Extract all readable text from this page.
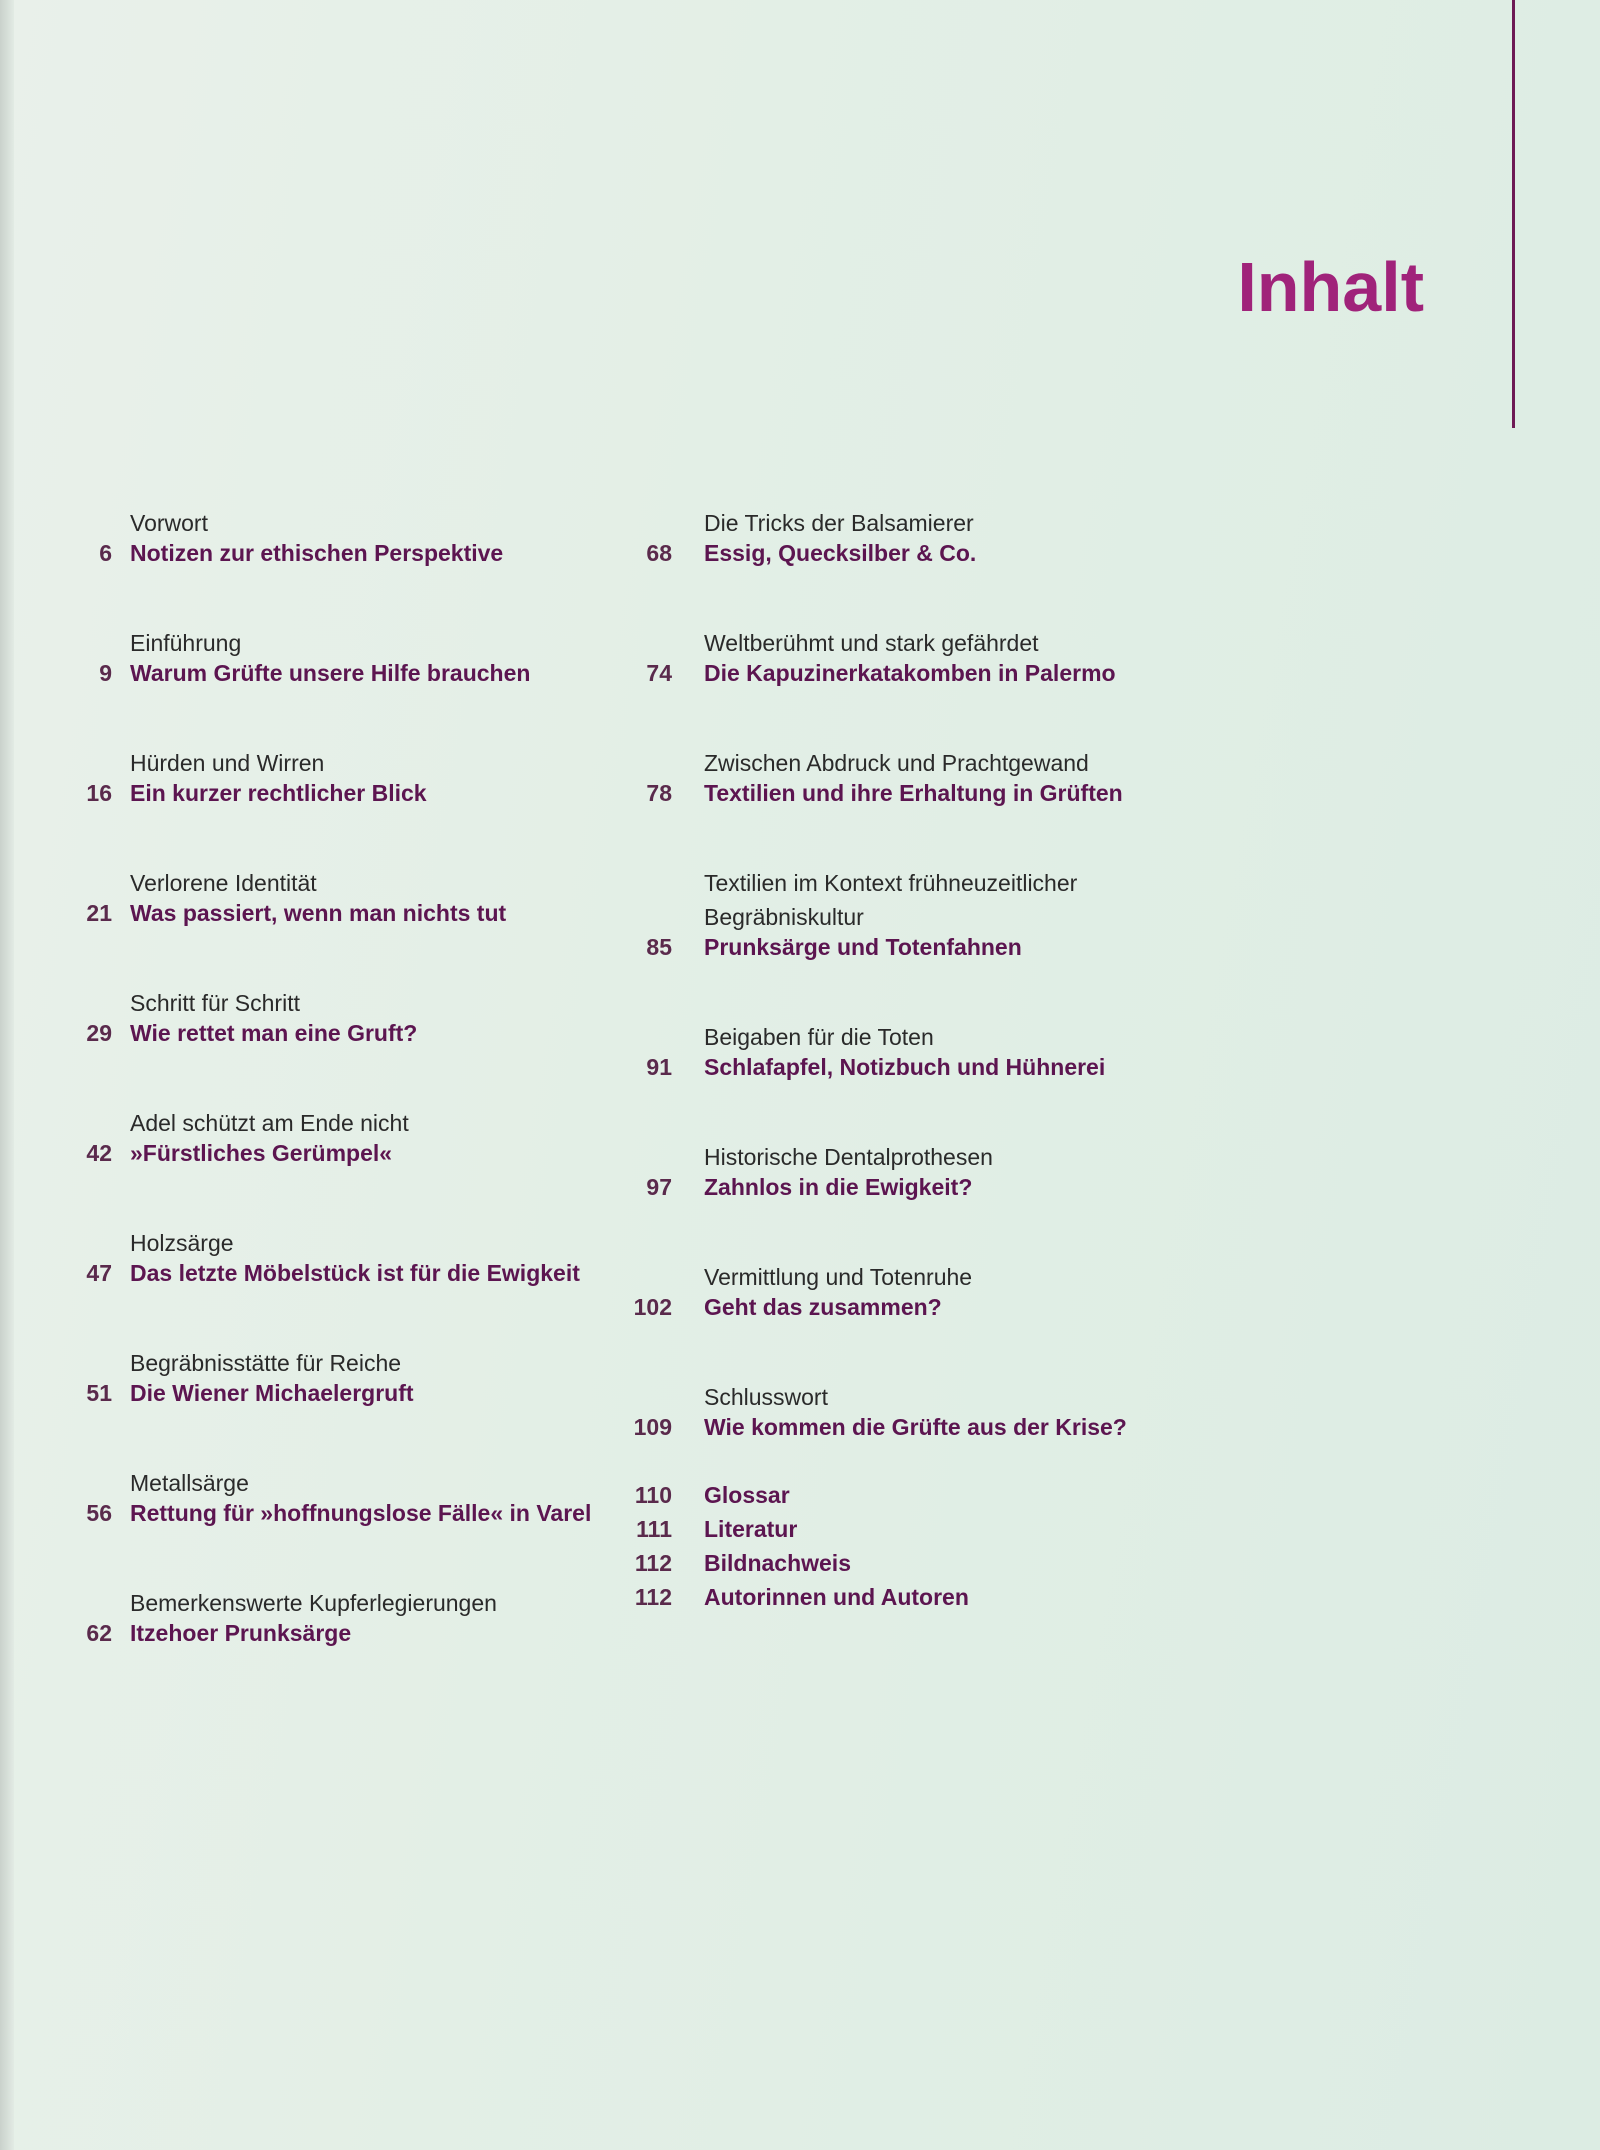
Inhalt
Vorwort
6 Notizen zur ethischen Perspektive
Einführung
9 Warum Grüfte unsere Hilfe brauchen
Hürden und Wirren
16 Ein kurzer rechtlicher Blick
Verlorene Identität
21 Was passiert, wenn man nichts tut
Schritt für Schritt
29 Wie rettet man eine Gruft?
Adel schützt am Ende nicht
42 »Fürstliches Gerümpel«
Holzsärge
47 Das letzte Möbelstück ist für die Ewigkeit
Begräbnisstätte für Reiche
51 Die Wiener Michaelergruft
Metallsärge
56 Rettung für »hoffnungslose Fälle« in Varel
Bemerkenswerte Kupferlegierungen
62 Itzehoer Prunksärge
Die Tricks der Balsamierer
68 Essig, Quecksilber & Co.
Weltberühmt und stark gefährdet
74 Die Kapuzinerkatakomben in Palermo
Zwischen Abdruck und Prachtgewand
78 Textilien und ihre Erhaltung in Grüften
Textilien im Kontext frühneuzeitlicher
Begräbniskultur
85 Prunksärge und Totenfahnen
Beigaben für die Toten
91 Schlafapfel, Notizbuch und Hühnerei
Historische Dentalprothesen
97 Zahnlos in die Ewigkeit?
Vermittlung und Totenruhe
102 Geht das zusammen?
Schlusswort
109 Wie kommen die Grüfte aus der Krise?
110 Glossar
111 Literatur
112 Bildnachweis
112 Autorinnen und Autoren
